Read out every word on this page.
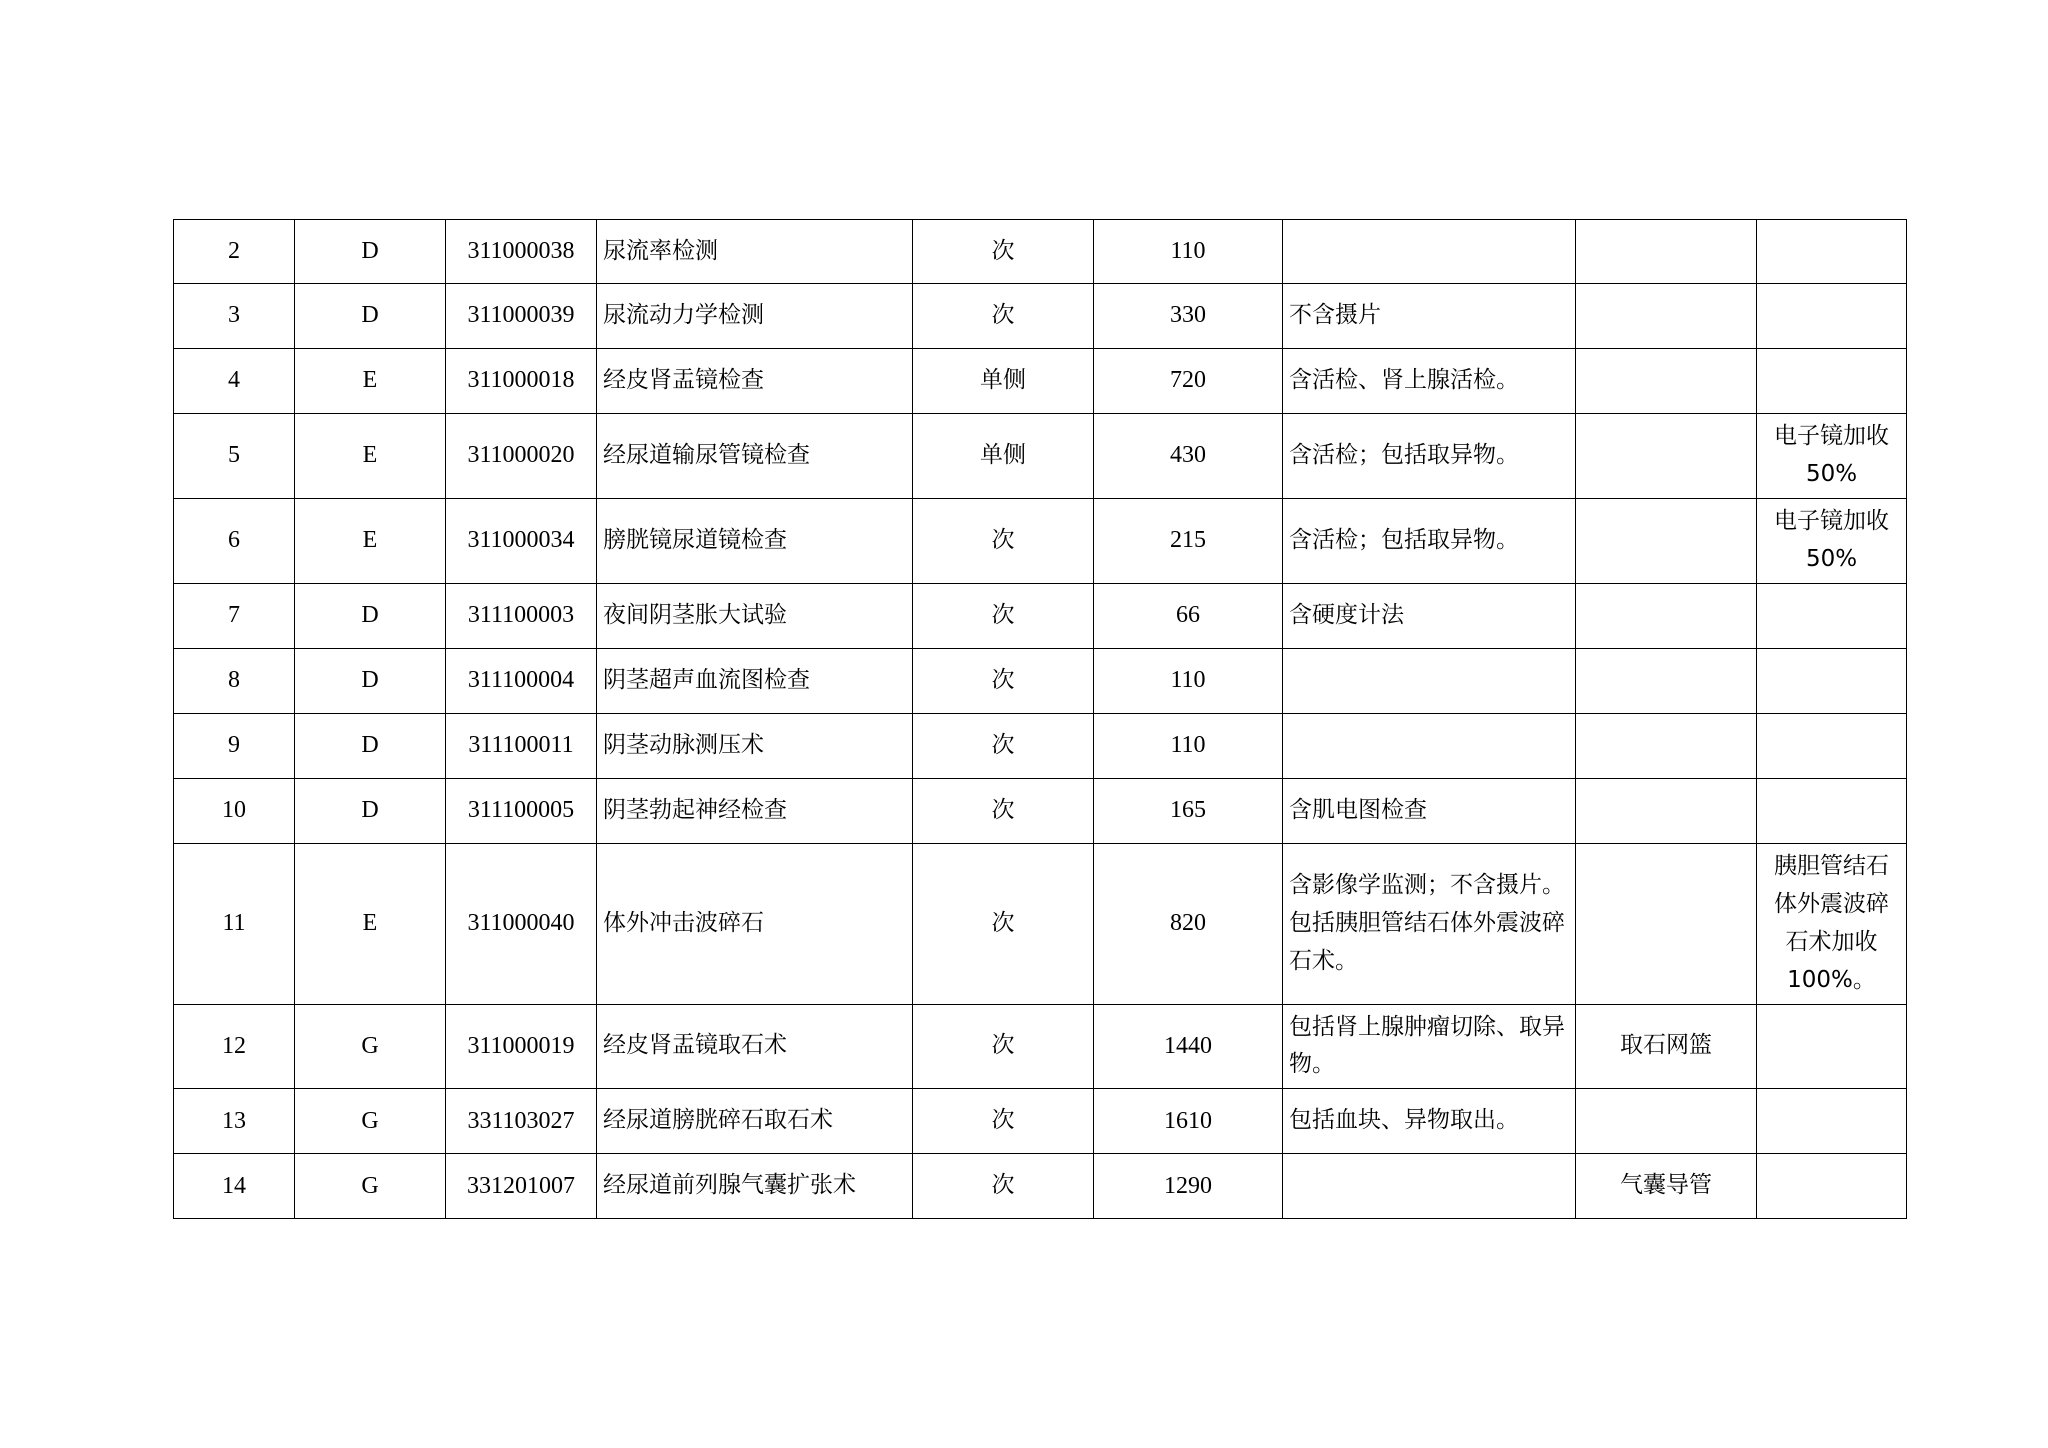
2	D	311000038	尿流率检测	次	110			
3	D	311000039	尿流动力学检测	次	330	不含摄片		
4	E	311000018	经皮肾盂镜检查	单侧	720	含活检、肾上腺活检。		
5	E	311000020	经尿道输尿管镜检查	单侧	430	含活检；包括取异物。		电子镜加收50%
6	E	311000034	膀胱镜尿道镜检查	次	215	含活检；包括取异物。		电子镜加收50%
7	D	311100003	夜间阴茎胀大试验	次	66	含硬度计法		
8	D	311100004	阴茎超声血流图检查	次	110			
9	D	311100011	阴茎动脉测压术	次	110			
10	D	311100005	阴茎勃起神经检查	次	165	含肌电图检查		
11	E	311000040	体外冲击波碎石	次	820	含影像学监测；不含摄片。包括胰胆管结石体外震波碎石术。		胰胆管结石体外震波碎石术加收100%。
12	G	311000019	经皮肾盂镜取石术	次	1440	包括肾上腺肿瘤切除、取异物。	取石网篮	
13	G	331103027	经尿道膀胱碎石取石术	次	1610	包括血块、异物取出。		
14	G	331201007	经尿道前列腺气囊扩张术	次	1290		气囊导管	
